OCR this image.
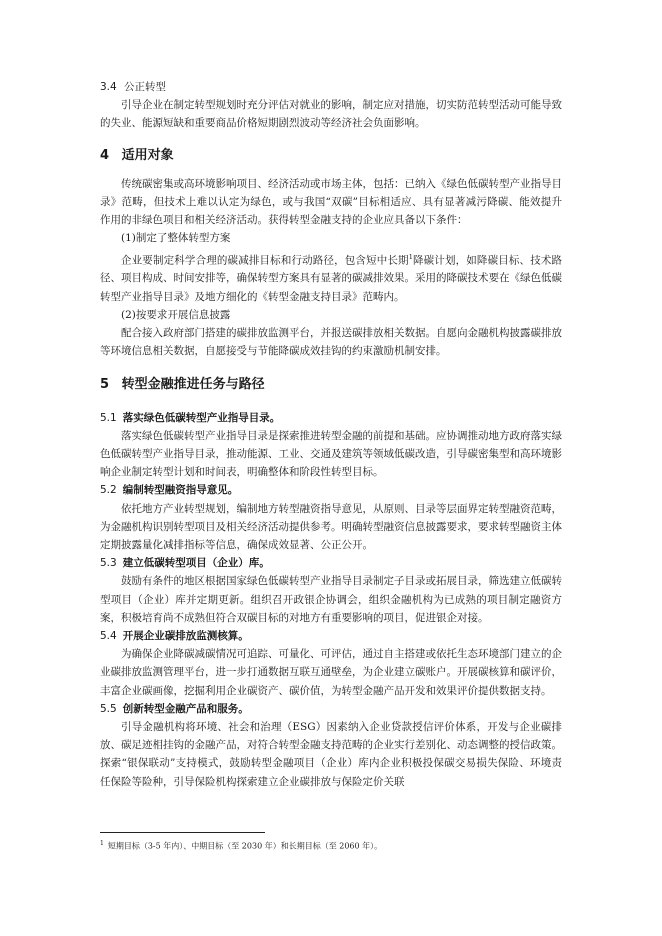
3.4 公正转型

引导企业在制定转型规划时充分评估对就业的影响，制定应对措施，切实防范转型活动可能导致的失业、能源短缺和重要商品价格短期剧烈波动等经济社会负面影响。

4 适用对象

传统碳密集或高环境影响项目、经济活动或市场主体，包括：已纳入《绿色低碳转型产业指导目录》范畴，但技术上难以认定为绿色，或与我国“双碳”目标相适应、具有显著减污降碳、能效提升作用的非绿色项目和相关经济活动。获得转型金融支持的企业应具备以下条件：

(1)制定了整体转型方案

企业要制定科学合理的碳减排目标和行动路径，包含短中长期$^1$降碳计划，如降碳目标、技术路径、项目构成、时间安排等，确保转型方案具有显著的碳减排效果。采用的降碳技术要在《绿色低碳转型产业指导目录》及地方细化的《转型金融支持目录》范畴内。

(2)按要求开展信息披露

配合接入政府部门搭建的碳排放监测平台，并报送碳排放相关数据。自愿向金融机构披露碳排放等环境信息相关数据，自愿接受与节能降碳成效挂钩的约束激励机制安排。

5 转型金融推进任务与路径
5.1 落实绿色低碳转型产业指导目录。

落实绿色低碳转型产业指导目录是探索推进转型金融的前提和基础。应协调推动地方政府落实绿色低碳转型产业指导目录，推动能源、工业、交通及建筑等领域低碳改造，引导碳密集型和高环境影响企业制定转型计划和时间表，明确整体和阶段性转型目标。

5.2 编制转型融资指导意见。

依托地方产业转型规划，编制地方转型融资指导意见，从原则、目录等层面界定转型融资范畴，为金融机构识别转型项目及相关经济活动提供参考。明确转型融资信息披露要求，要求转型融资主体定期披露量化减排指标等信息，确保成效显著、公正公开。

5.3 建立低碳转型项目（企业）库。

鼓励有条件的地区根据国家绿色低碳转型产业指导目录制定子目录或拓展目录，筛选建立低碳转型项目（企业）库并定期更新。组织召开政银企协调会，组织金融机构为已成熟的项目制定融资方案，积极培育尚不成熟但符合双碳目标的对地方有重要影响的项目，促进银企对接。

5.4 开展企业碳排放监测核算。

为确保企业降碳减碳情况可追踪、可量化、可评估，通过自主搭建或依托生态环境部门建立的企业碳排放监测管理平台，进一步打通数据互联互通壁垒，为企业建立碳账户。开展碳核算和碳评价，丰富企业碳画像，挖掘利用企业碳资产、碳价值，为转型金融产品开发和效果评价提供数据支持。

5.5 创新转型金融产品和服务。

引导金融机构将环境、社会和治理（ESG）因素纳入企业贷款授信评价体系，开发与企业碳排放、碳足迹相挂钩的金融产品，对符合转型金融支持范畴的企业实行差别化、动态调整的授信政策。探索“银保联动”支持模式，鼓励转型金融项目（企业）库内企业积极投保碳交易损失保险、环境责任保险等险种，引导保险机构探索建立企业碳排放与保险定价关联

$^1$ 短期目标（3-5 年内）、中期目标（至 2030 年）和长期目标（至 2060 年）。
